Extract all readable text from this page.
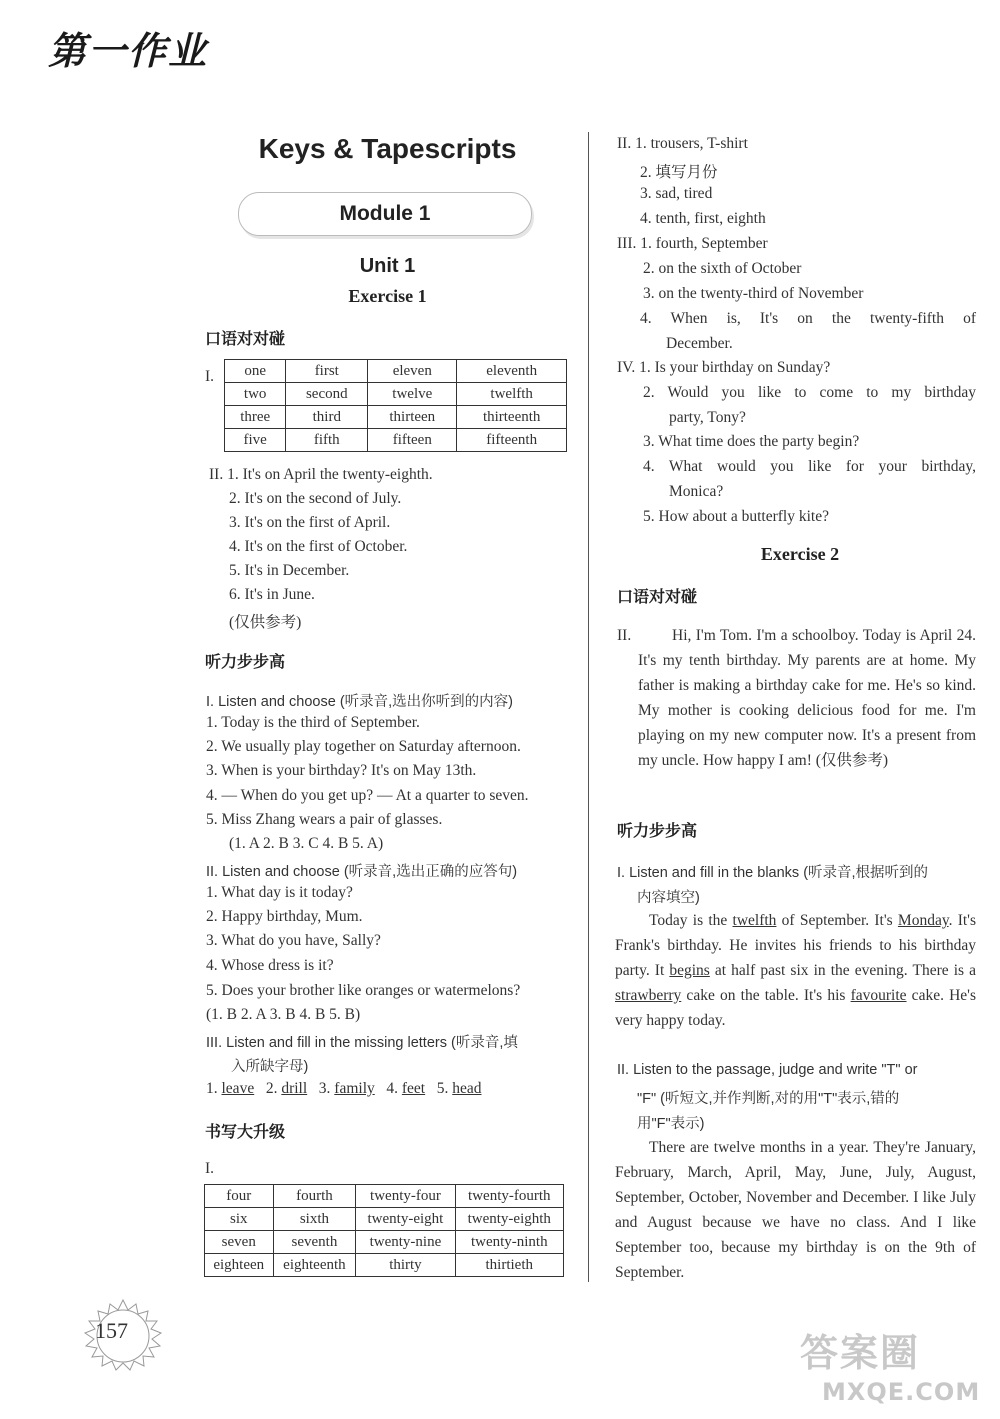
第一作业
Keys & Tapescripts
Module 1
Unit 1
Exercise 1
口语对对碰
I. one	first	eleven	eleventh
two	second	twelve	twelfth
three	third	thirteen	thirteenth
five	fifth	fifteen	fifteenth
II. 1. It's on April the twenty-eighth.
2. It's on the second of July.
3. It's on the first of April.
4. It's on the first of October.
5. It's in December.
6. It's in June.
(仅供参考)
听力步步高
I. Listen and choose (听录音,选出你听到的内容)
1. Today is the third of September.
2. We usually play together on Saturday afternoon.
3. When is your birthday? It's on May 13th.
4. — When do you get up? — At a quarter to seven.
5. Miss Zhang wears a pair of glasses.
(1. A 2. B 3. C 4. B 5. A)
II. Listen and choose (听录音,选出正确的应答句)
1. What day is it today?
2. Happy birthday, Mum.
3. What do you have, Sally?
4. Whose dress is it?
5. Does your brother like oranges or watermelons?
(1. B 2. A 3. B 4. B 5. B)
III. Listen and fill in the missing letters (听录音,填
入所缺字母)
1. leave 2. drill 3. family 4. feet 5. head
书写大升级
I.
four	fourth	twenty-four	twenty-fourth
six	sixth	twenty-eight	twenty-eighth
seven	seventh	twenty-nine	twenty-ninth
eighteen	eighteenth	thirty	thirtieth
II. 1. trousers, T-shirt
2. 填写月份
3. sad, tired
4. tenth, first, eighth
III. 1. fourth, September
2. on the sixth of October
3. on the twenty-third of November
4. When is, It's on the twenty-fifth of
December.
IV. 1. Is your birthday on Sunday?
2. Would you like to come to my birthday
party, Tony?
3. What time does the party begin?
4. What would you like for your birthday,
Monica?
5. How about a butterfly kite?
Exercise 2
口语对对碰
II.	Hi, I'm Tom. I'm a schoolboy. Today is April 24. It's my tenth birthday. My parents are at home. My father is making a birthday cake for me. He's so kind. My mother is cooking delicious food for me. I'm playing on my new computer now. It's a present from my uncle. How happy I am! (仅供参考)
听力步步高
I. Listen and fill in the blanks (听录音,根据听到的
内容填空)
Today is the twelfth of September. It's Monday. It's Frank's birthday. He invites his friends to his birthday party. It begins at half past six in the evening. There is a strawberry cake on the table. It's his favourite cake. He's very happy today.
II. Listen to the passage, judge and write "T" or
"F" (听短文,并作判断,对的用"T"表示,错的
用"F"表示)
There are twelve months in a year. They're January, February, March, April, May, June, July, August, September, October, November and December. I like July and August because we have no class. And I like September too, because my birthday is on the 9th of September.
157
答案圈
MXQE.COM
